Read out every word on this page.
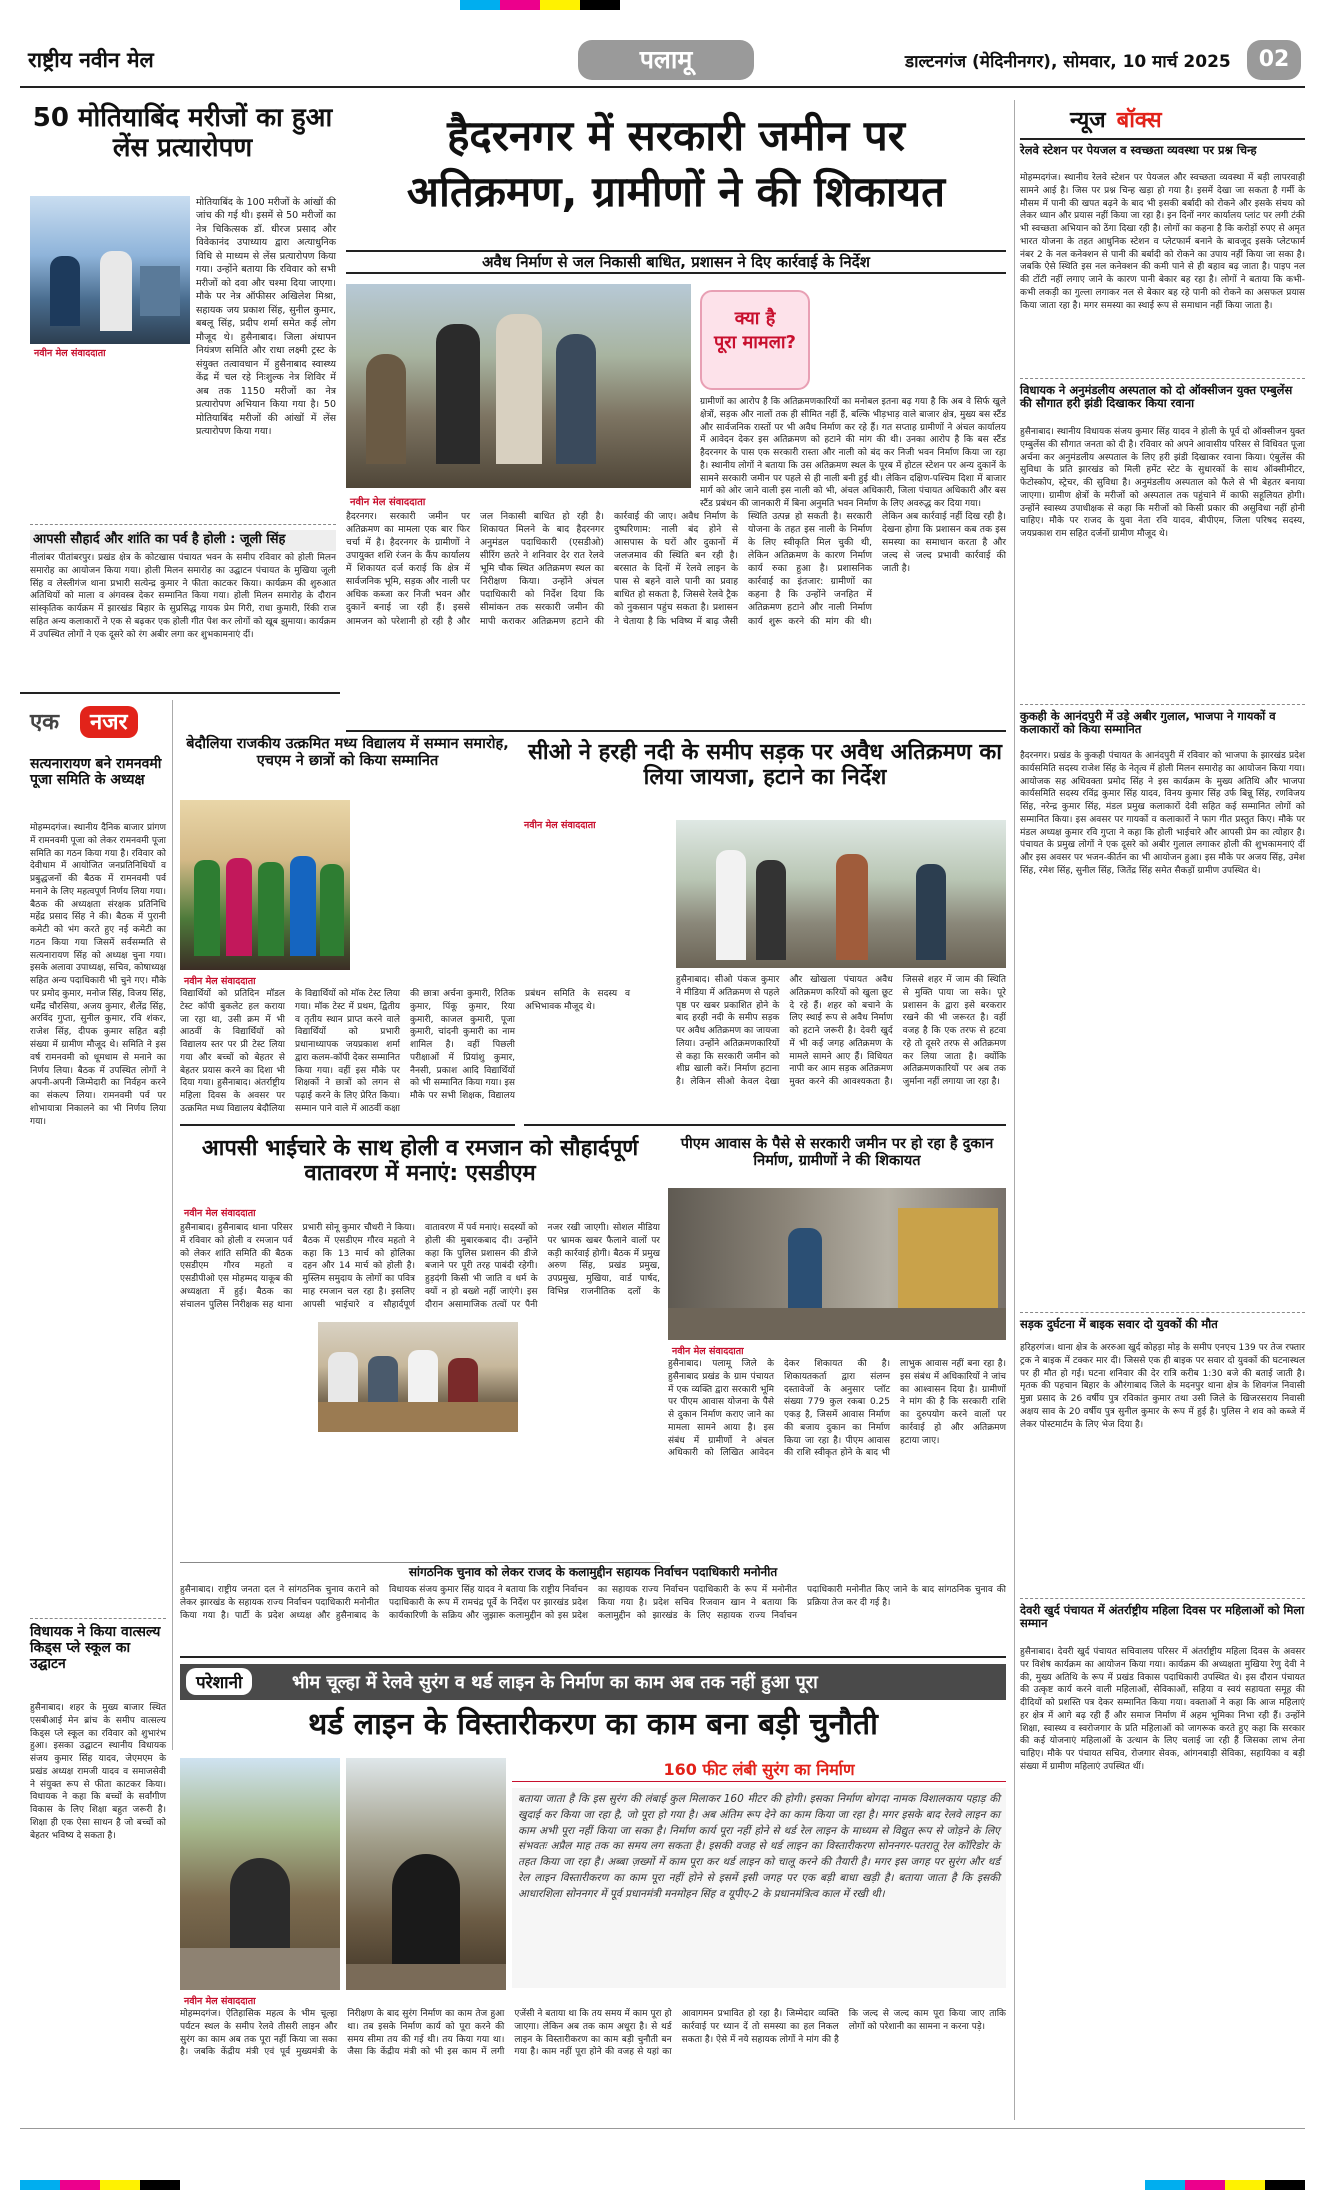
राष्ट्रीय नवीन मेल	पलामू	डाल्टनगंज (मेदिनीनगर), सोमवार, 10 मार्च 2025	02
50 मोतियाबिंद मरीजों का हुआ लेंस प्रत्यारोपण
नवीन मेल संवाददाता
मोतियाबिंद के 100 मरीजों के आंखों की जांच की गई थी। इसमें से 50 मरीजों का नेत्र चिकित्सक डॉ. धीरज प्रसाद और विवेकानंद उपाध्याय द्वारा अत्याधुनिक विधि से माध्यम से लेंस प्रत्यारोपण किया गया। उन्होंने बताया कि रविवार को सभी मरीजों को दवा और चश्मा दिया जाएगा। मौके पर नेत्र ऑफीसर अखिलेश मिश्रा, सहायक जय प्रकाश सिंह, सुनील कुमार, बबलू सिंह, प्रदीप शर्मा समेत कई लोग मौजूद थे। हुसैनाबाद। जिला अंधापन नियंत्रण समिति और राधा लक्ष्मी ट्रस्ट के संयुक्त तत्वावधान में हुसैनाबाद स्वास्थ्य केंद्र में चल रहे निःशुल्क नेत्र शिविर में अब तक 1150 मरीजों का नेत्र प्रत्यारोपण अभियान किया गया है। 50 मोतियाबिंद मरीजों की आंखों में लेंस प्रत्यारोपण किया गया।
आपसी सौहार्द और शांति का पर्व है होली : जूली सिंह
नीलांबर पीतांबरपुर। प्रखंड क्षेत्र के कोटखास पंचायत भवन के समीप रविवार को होली मिलन समारोह का आयोजन किया गया। होली मिलन समारोह का उद्घाटन पंचायत के मुखिया जूली सिंह व लेस्लीगंज थाना प्रभारी सत्येन्द्र कुमार ने फीता काटकर किया। कार्यक्रम की शुरुआत अतिथियों को माला व अंगवस्त्र देकर सम्मानित किया गया। होली मिलन समारोह के दौरान सांस्कृतिक कार्यक्रम में झारखंड बिहार के सुप्रसिद्ध गायक प्रेम गिरी, राधा कुमारी, रिंकी राज सहित अन्य कलाकारों ने एक से बढ़कर एक होली गीत पेश कर लोगों को खूब झुमाया। कार्यक्रम में उपस्थित लोगों ने एक दूसरे को रंग अबीर लगा कर शुभकामनाएं दीं।
एक	नजर
सत्यनारायण बने रामनवमी पूजा समिति के अध्यक्ष
मोहम्मदगंज। स्थानीय दैनिक बाजार प्रांगण में रामनवमी पूजा को लेकर रामनवमी पूजा समिति का गठन किया गया है। रविवार को देवीधाम में आयोजित जनप्रतिनिधियों व प्रबुद्धजनों की बैठक में रामनवमी पर्व मनाने के लिए महत्वपूर्ण निर्णय लिया गया। बैठक की अध्यक्षता संरक्षक प्रतिनिधि महेंद्र प्रसाद सिंह ने की। बैठक में पुरानी कमेटी को भंग करते हुए नई कमेटी का गठन किया गया जिसमें सर्वसम्मति से सत्यनारायण सिंह को अध्यक्ष चुना गया। इसके अलावा उपाध्यक्ष, सचिव, कोषाध्यक्ष सहित अन्य पदाधिकारी भी चुने गए। मौके पर प्रमोद कुमार, मनोज सिंह, विजय सिंह, धर्मेंद्र चौरसिया, अजय कुमार, शैलेंद्र सिंह, अरविंद गुप्ता, सुनील कुमार, रवि शंकर, राजेश सिंह, दीपक कुमार सहित बड़ी संख्या में ग्रामीण मौजूद थे। समिति ने इस वर्ष रामनवमी को धूमधाम से मनाने का निर्णय लिया। बैठक में उपस्थित लोगों ने अपनी-अपनी जिम्मेदारी का निर्वहन करने का संकल्प लिया। रामनवमी पर्व पर शोभायात्रा निकालने का भी निर्णय लिया गया।
विधायक ने किया वात्सल्य किड्स प्ले स्कूल का उद्घाटन
हुसैनाबाद। शहर के मुख्य बाजार स्थित एसबीआई मेन ब्रांच के समीप वात्सल्य किड्स प्ले स्कूल का रविवार को शुभारंभ हुआ। इसका उद्घाटन स्थानीय विधायक संजय कुमार सिंह यादव, जेएमएम के प्रखंड अध्यक्ष रामजी यादव व समाजसेवी ने संयुक्त रूप से फीता काटकर किया। विधायक ने कहा कि बच्चों के सर्वांगीण विकास के लिए शिक्षा बहुत जरूरी है। शिक्षा ही एक ऐसा साधन है जो बच्चों को बेहतर भविष्य दे सकता है।
हैदरनगर में सरकारी जमीन पर
अतिक्रमण, ग्रामीणों ने की शिकायत
अवैध निर्माण से जल निकासी बाधित, प्रशासन ने दिए कार्रवाई के निर्देश
क्या है
पूरा मामला?
ग्रामीणों का आरोप है कि अतिक्रमणकारियों का मनोबल इतना बढ़ गया है कि अब वे सिर्फ खुले क्षेत्रों, सड़क और नालों तक ही सीमित नहीं हैं, बल्कि भीड़भाड़ वाले बाजार क्षेत्र, मुख्य बस स्टैंड और सार्वजनिक रास्तों पर भी अवैध निर्माण कर रहे हैं। गत सप्ताह ग्रामीणों ने अंचल कार्यालय में आवेदन देकर इस अतिक्रमण को हटाने की मांग की थी। उनका आरोप है कि बस स्टैंड हैदरनगर के पास एक सरकारी रास्ता और नाली को बंद कर निजी भवन निर्माण किया जा रहा है। स्थानीय लोगों ने बताया कि उस अतिक्रमण स्थल के पूरब में होटल स्टेशन पर अन्य दुकानें के सामने सरकारी जमीन पर पहले से ही नाली बनी हुई थी। लेकिन दक्षिण-पश्चिम दिशा में बाजार मार्ग को ओर जाने वाली इस नाली को भी, अंचल अधिकारी, जिला पंचायत अधिकारी और बस स्टैंड प्रबंधन की जानकारी में बिना अनुमति भवन निर्माण के लिए अवरुद्ध कर दिया गया।
नवीन मेल संवाददाता
हैदरनगर। सरकारी जमीन पर अतिक्रमण का मामला एक बार फिर चर्चा में है। हैदरनगर के ग्रामीणों ने उपायुक्त शशि रंजन के कैंप कार्यालय में शिकायत दर्ज कराई कि क्षेत्र में सार्वजनिक भूमि, सड़क और नाली पर अधिक कब्जा कर निजी भवन और दुकानें बनाई जा रही हैं। इससे आमजन को परेशानी हो रही है और जल निकासी बाधित हो रही है। शिकायत मिलने के बाद हैदरनगर अनुमंडल पदाधिकारी (एसडीओ) सीरिंग छतरे ने शनिवार देर रात रेलवे भूमि चौक स्थित अतिक्रमण स्थल का निरीक्षण किया। उन्होंने अंचल पदाधिकारी को निर्देश दिया कि सीमांकन तक सरकारी जमीन की मापी कराकर अतिक्रमण हटाने की कार्रवाई की जाए। अवैध निर्माण के दुष्परिणाम: नाली बंद होने से आसपास के घरों और दुकानों में जलजमाव की स्थिति बन रही है। बरसात के दिनों में रेलवे लाइन के पास से बहने वाले पानी का प्रवाह बाधित हो सकता है, जिससे रेलवे ट्रैक को नुकसान पहुंच सकता है। प्रशासन ने चेताया है कि भविष्य में बाढ़ जैसी स्थिति उत्पन्न हो सकती है। सरकारी योजना के तहत इस नाली के निर्माण के लिए स्वीकृति मिल चुकी थी, लेकिन अतिक्रमण के कारण निर्माण कार्य रुका हुआ है। प्रशासनिक कार्रवाई का इंतजार: ग्रामीणों का कहना है कि उन्होंने जनहित में अतिक्रमण हटाने और नाली निर्माण कार्य शुरू करने की मांग की थी। लेकिन अब कार्रवाई नहीं दिख रही है। देखना होगा कि प्रशासन कब तक इस समस्या का समाधान करता है और जल्द से जल्द प्रभावी कार्रवाई की जाती है।
बेदौलिया राजकीय उत्क्रमित मध्य विद्यालय में सम्मान समारोह, एचएम ने छात्रों को किया सम्मानित
नवीन मेल संवाददाता
विद्यार्थियों को प्रतिदिन मॉडल टेस्ट कॉपी बुकलेट हल कराया जा रहा था, उसी क्रम में भी आठवीं के विद्यार्थियों को विद्यालय स्तर पर प्री टेस्ट लिया गया और बच्चों को बेहतर से बेहतर प्रयास करने का दिशा भी दिया गया। हुसैनाबाद। अंतर्राष्ट्रीय महिला दिवस के अवसर पर उत्क्रमित मध्य विद्यालय बेदौलिया के विद्यार्थियों को मॉक टेस्ट लिया गया। मॉक टेस्ट में प्रथम, द्वितीय व तृतीय स्थान प्राप्त करने वाले विद्यार्थियों को प्रभारी प्रधानाध्यापक जयप्रकाश शर्मा द्वारा कलम-कॉपी देकर सम्मानित किया गया। वहीं इस मौके पर शिक्षकों ने छात्रों को लगन से पढ़ाई करने के लिए प्रेरित किया। सम्मान पाने वाले में आठवीं कक्षा की छात्रा अर्चना कुमारी, रितिक कुमार, पिंकू कुमार, रिया कुमारी, काजल कुमारी, पूजा कुमारी, चांदनी कुमारी का नाम शामिल है। वहीं पिछली परीक्षाओं में प्रियांशु कुमार, नैनसी, प्रकाश आदि विद्यार्थियों को भी सम्मानित किया गया। इस मौके पर सभी शिक्षक, विद्यालय प्रबंधन समिति के सदस्य व अभिभावक मौजूद थे।
सीओ ने हरही नदी के समीप सड़क पर अवैध अतिक्रमण का लिया जायजा, हटाने का निर्देश
नवीन मेल संवाददाता
हुसैनाबाद। सीओ पंकज कुमार ने मीडिया में अतिक्रमण से पहले पृष्ठ पर खबर प्रकाशित होने के बाद हरही नदी के समीप सड़क पर अवैध अतिक्रमण का जायजा लिया। उन्होंने अतिक्रमणकारियों से कहा कि सरकारी जमीन को शीघ्र खाली करें। निर्माण हटाना है। लेकिन सीओ केवल देखा और खोखला पंचायत अवैध अतिक्रमण करियों को खुला छूट दे रहे हैं। शहर को बचाने के लिए स्थाई रूप से अवैध निर्माण को हटाने जरूरी है। देवरी खुर्द में भी कई जगह अतिक्रमण के मामले सामने आए हैं। विधियत नापी कर आम सड़क अतिक्रमण मुक्त करने की आवश्यकता है। जिससे शहर में जाम की स्थिति से मुक्ति पाया जा सके। पूरे प्रशासन के द्वारा इसे बरकरार रखने की भी जरूरत है। वहीं वजह है कि एक तरफ से हटवा रहे तो दूसरे तरफ से अतिक्रमण कर लिया जाता है। क्योंकि अतिक्रमणकारियों पर अब तक जुर्माना नहीं लगाया जा रहा है।
आपसी भाईचारे के साथ होली व रमजान को सौहार्दपूर्ण वातावरण में मनाएं: एसडीएम
नवीन मेल संवाददाता
हुसैनाबाद। हुसैनाबाद थाना परिसर में रविवार को होली व रमजान पर्व को लेकर शांति समिति की बैठक एसडीएम गौरव महतो व एसडीपीओ एस मोहम्मद याकूब की अध्यक्षता में हुई। बैठक का संचालन पुलिस निरीक्षक सह थाना प्रभारी सोनू कुमार चौधरी ने किया। बैठक में एसडीएम गौरव महतो ने कहा कि 13 मार्च को होलिका दहन और 14 मार्च को होली है। मुस्लिम समुदाय के लोगों का पवित्र माह रमजान चल रहा है। इसलिए आपसी भाईचारे व सौहार्दपूर्ण वातावरण में पर्व मनाएं। सदस्यों को होली की मुबारकबाद दी। उन्होंने कहा कि पुलिस प्रशासन की डीजे बजाने पर पूरी तरह पाबंदी रहेगी। हुड़दंगी किसी भी जाति व धर्म के क्यों न हो बख्शे नहीं जाएंगे। इस दौरान असामाजिक तत्वों पर पैनी नजर रखी जाएगी। सोशल मीडिया पर भ्रामक खबर फैलाने वालों पर कड़ी कार्रवाई होगी। बैठक में प्रमुख अरुण सिंह, प्रखंड प्रमुख, उपप्रमुख, मुखिया, वार्ड पार्षद, विभिन्न राजनीतिक दलों के
पीएम आवास के पैसे से सरकारी जमीन पर हो रहा है दुकान निर्माण, ग्रामीणों ने की शिकायत
नवीन मेल संवाददाता
हुसैनाबाद। पलामू जिले के हुसैनाबाद प्रखंड के ग्राम पंचायत में एक व्यक्ति द्वारा सरकारी भूमि पर पीएम आवास योजना के पैसे से दुकान निर्माण कराए जाने का मामला सामने आया है। इस संबंध में ग्रामीणों ने अंचल अधिकारी को लिखित आवेदन देकर शिकायत की है। शिकायतकर्ता द्वारा संलग्न दस्तावेजों के अनुसार प्लॉट संख्या 779 कुल रकबा 0.25 एकड़ है, जिसमें आवास निर्माण की बजाय दुकान का निर्माण किया जा रहा है। पीएम आवास की राशि स्वीकृत होने के बाद भी लाभुक आवास नहीं बना रहा है। इस संबंध में अधिकारियों ने जांच का आश्वासन दिया है। ग्रामीणों ने मांग की है कि सरकारी राशि का दुरुपयोग करने वालों पर कार्रवाई हो और अतिक्रमण हटाया जाए।
सांगठनिक चुनाव को लेकर राजद के कलामुद्दीन सहायक निर्वाचन पदाधिकारी मनोनीत
हुसैनाबाद। राष्ट्रीय जनता दल ने सांगठनिक चुनाव कराने को लेकर झारखंड के सहायक राज्य निर्वाचन पदाधिकारी मनोनीत किया गया है। पार्टी के प्रदेश अध्यक्ष और हुसैनाबाद के विधायक संजय कुमार सिंह यादव ने बताया कि राष्ट्रीय निर्वाचन पदाधिकारी के रूप में रामचंद्र पूर्वे के निर्देश पर झारखंड प्रदेश कार्यकारिणी के सक्रिय और जुझारू कलामुद्दीन को इस प्रदेश का सहायक राज्य निर्वाचन पदाधिकारी के रूप में मनोनीत किया गया है। प्रदेश सचिव रिजवान खान ने बताया कि कलामुद्दीन को झारखंड के लिए सहायक राज्य निर्वाचन पदाधिकारी मनोनीत किए जाने के बाद सांगठनिक चुनाव की प्रक्रिया तेज कर दी गई है।
परेशानी	भीम चूल्हा में रेलवे सुरंग व थर्ड लाइन के निर्माण का काम अब तक नहीं हुआ पूरा
थर्ड लाइन के विस्तारीकरण का काम बना बड़ी चुनौती
नवीन मेल संवाददाता
160 फीट लंबी सुरंग का निर्माण
बताया जाता है कि इस सुरंग की लंबाई कुल मिलाकर 160 मीटर की होगी। इसका निर्माण बोगदा नामक विशालकाय पहाड़ की खुदाई कर किया जा रहा है, जो पूरा हो गया है। अब अंतिम रूप देने का काम किया जा रहा है। मगर इसके बाद रेलवे लाइन का काम अभी पूरा नहीं किया जा सका है। निर्माण कार्य पूरा नहीं होने से थर्ड रेल लाइन के माध्यम से विद्युत रूप से जोड़ने के लिए संभवतः अप्रैल माह तक का समय लग सकता है। इसकी वजह से थर्ड लाइन का विस्तारीकरण सोननगर-पतरातू रेल कॉरिडोर के तहत किया जा रहा है। अब्बा ज़ख्मों में काम पूरा कर थर्ड लाइन को चालू करने की तैयारी है। मगर इस जगह पर सुरंग और थर्ड रेल लाइन विस्तारीकरण का काम पूरा नहीं होने से इसमें इसी जगह पर एक बड़ी बाधा खड़ी है। बताया जाता है कि इसकी आधारशिला सोननगर में पूर्व प्रधानमंत्री मनमोहन सिंह व यूपीए-2 के प्रधानमंत्रित्व काल में रखी थी।
मोहम्मदगंज। ऐतिहासिक महत्व के भीम चूल्हा पर्यटन स्थल के समीप रेलवे तीसरी लाइन और सुरंग का काम अब तक पूरा नहीं किया जा सका है। जबकि केंद्रीय मंत्री एवं पूर्व मुख्यमंत्री के निरीक्षण के बाद सुरंग निर्माण का काम तेज हुआ था। तब इसके निर्माण कार्य को पूरा करने की समय सीमा तय की गई थी। तय किया गया था। जैसा कि केंद्रीय मंत्री को भी इस काम में लगी एजेंसी ने बताया था कि तय समय में काम पूरा हो जाएगा। लेकिन अब तक काम अधूरा है। से थर्ड लाइन के विस्तारीकरण का काम बड़ी चुनौती बन गया है। काम नहीं पूरा होने की वजह से यहां का आवागमन प्रभावित हो रहा है। जिम्मेदार व्यक्ति कार्रवाई पर ध्यान दें तो समस्या का हल निकल सकता है। ऐसे में नये सहायक लोगों ने मांग की है कि जल्द से जल्द काम पूरा किया जाए ताकि लोगों को परेशानी का सामना न करना पड़े।
न्यूज बॉक्स
रेलवे स्टेशन पर पेयजल व स्वच्छता व्यवस्था पर प्रश्न चिन्ह
मोहम्मदगंज। स्थानीय रेलवे स्टेशन पर पेयजल और स्वच्छता व्यवस्था में बड़ी लापरवाही सामने आई है। जिस पर प्रश्न चिन्ह खड़ा हो गया है। इसमें देखा जा सकता है गर्मी के मौसम में पानी की खपत बढ़ने के बाद भी इसकी बर्बादी को रोकने और इसके संचय को लेकर ध्यान और प्रयास नहीं किया जा रहा है। इन दिनों नगर कार्यालय प्लांट पर लगी टंकी भी स्वच्छता अभियान को ठेंगा दिखा रही है। लोगों का कहना है कि करोड़ों रुपए से अमृत भारत योजना के तहत आधुनिक स्टेशन व प्लेटफार्म बनाने के बावजूद इसके प्लेटफार्म नंबर 2 के नल कनेक्शन से पानी की बर्बादी को रोकने का उपाय नहीं किया जा सका है। जबकि ऐसे स्थिति इस नल कनेक्शन की कमी पाने से ही बहाव बढ़ जाता है। पाइप नल की टोंटी नहीं लगाए जाने के कारण पानी बेकार बह रहा है। लोगों ने बताया कि कभी-कभी लकड़ी का गुल्ला लगाकर नल से बेकार बह रहे पानी को रोकने का असफल प्रयास किया जाता रहा है। मगर समस्या का स्थाई रूप से समाधान नहीं किया जाता है।
विधायक ने अनुमंडलीय अस्पताल को दो ऑक्सीजन युक्त एम्बुलेंस की सौगात हरी झंडी दिखाकर किया रवाना
हुसैनाबाद। स्थानीय विधायक संजय कुमार सिंह यादव ने होली के पूर्व दो ऑक्सीजन युक्त एम्बुलेंस की सौगात जनता को दी है। रविवार को अपने आवासीय परिसर से विधिवत पूजा अर्चना कर अनुमंडलीय अस्पताल के लिए हरी झंडी दिखाकर रवाना किया। एंबुलेंस की सुविधा के प्रति झारखंड को मिली हमेंट स्टेट के सुधारकों के साथ ऑक्सीमीटर, फेटोस्कोप, स्ट्रेचर, की सुविधा है। अनुमंडलीय अस्पताल को फैले से भी बेहतर बनाया जाएगा। ग्रामीण क्षेत्रों के मरीजों को अस्पताल तक पहुंचाने में काफी सहूलियत होगी। उन्होंने स्वास्थ्य उपाधीक्षक से कहा कि मरीजों को किसी प्रकार की असुविधा नहीं होनी चाहिए। मौके पर राजद के युवा नेता रवि यादव, बीपीएम, जिला परिषद सदस्य, जयप्रकाश राम सहित दर्जनों ग्रामीण मौजूद थे।
कुकही के आनंदपुरी में उड़े अबीर गुलाल, भाजपा ने गायकों व कलाकारों को किया सम्मानित
हैदरनगर। प्रखंड के कुकही पंचायत के आनंदपुरी में रविवार को भाजपा के झारखंड प्रदेश कार्यसमिति सदस्य राजेश सिंह के नेतृत्व में होली मिलन समारोह का आयोजन किया गया। आयोजक सह अधिवक्ता प्रमोद सिंह ने इस कार्यक्रम के मुख्य अतिथि और भाजपा कार्यसमिति सदस्य रविंद्र कुमार सिंह यादव, विनय कुमार सिंह उर्फ बिन्नू सिंह, रणविजय सिंह, नरेन्द्र कुमार सिंह, मंडल प्रमुख कलाकारों देवी सहित कई सम्मानित लोगों को सम्मानित किया। इस अवसर पर गायकों व कलाकारों ने फाग गीत प्रस्तुत किए। मौके पर मंडल अध्यक्ष कुमार रवि गुप्ता ने कहा कि होली भाईचारे और आपसी प्रेम का त्योहार है। पंचायत के प्रमुख लोगों ने एक दूसरे को अबीर गुलाल लगाकर होली की शुभकामनाएं दीं और इस अवसर पर भजन-कीर्तन का भी आयोजन हुआ। इस मौके पर अजय सिंह, उमेश सिंह, रमेश सिंह, सुनील सिंह, जितेंद्र सिंह समेत सैकड़ों ग्रामीण उपस्थित थे।
सड़क दुर्घटना में बाइक सवार दो युवकों की मौत
हरिहरगंज। थाना क्षेत्र के अररुआ खुर्द कोहड़ा मोड़ के समीप एनएच 139 पर तेज रफ्तार ट्रक ने बाइक में टक्कर मार दी। जिससे एक ही बाइक पर सवार दो युवकों की घटनास्थल पर ही मौत हो गई। घटना शनिवार की देर रात्रि करीब 1:30 बजे की बताई जाती है। मृतक की पहचान बिहार के औरंगाबाद जिले के मदनपुर थाना क्षेत्र के शिवगंज निवासी मुन्ना प्रसाद के 26 वर्षीय पुत्र रविकांत कुमार तथा उसी जिले के खिजरसराय निवासी अक्षय साव के 20 वर्षीय पुत्र सुनील कुमार के रूप में हुई है। पुलिस ने शव को कब्जे में लेकर पोस्टमार्टम के लिए भेज दिया है।
देवरी खुर्द पंचायत में अंतर्राष्ट्रीय महिला दिवस पर महिलाओं को मिला सम्मान
हुसैनाबाद। देवरी खुर्द पंचायत सचिवालय परिसर में अंतर्राष्ट्रीय महिला दिवस के अवसर पर विशेष कार्यक्रम का आयोजन किया गया। कार्यक्रम की अध्यक्षता मुखिया रेणु देवी ने की, मुख्य अतिथि के रूप में प्रखंड विकास पदाधिकारी उपस्थित थे। इस दौरान पंचायत की उत्कृष्ट कार्य करने वाली महिलाओं, सेविकाओं, सहिया व स्वयं सहायता समूह की दीदियों को प्रशस्ति पत्र देकर सम्मानित किया गया। वक्ताओं ने कहा कि आज महिलाएं हर क्षेत्र में आगे बढ़ रही हैं और समाज निर्माण में अहम भूमिका निभा रही हैं। उन्होंने शिक्षा, स्वास्थ्य व स्वरोजगार के प्रति महिलाओं को जागरूक करते हुए कहा कि सरकार की कई योजनाएं महिलाओं के उत्थान के लिए चलाई जा रही हैं जिसका लाभ लेना चाहिए। मौके पर पंचायत सचिव, रोजगार सेवक, आंगनबाड़ी सेविका, सहायिका व बड़ी संख्या में ग्रामीण महिलाएं उपस्थित थीं।
